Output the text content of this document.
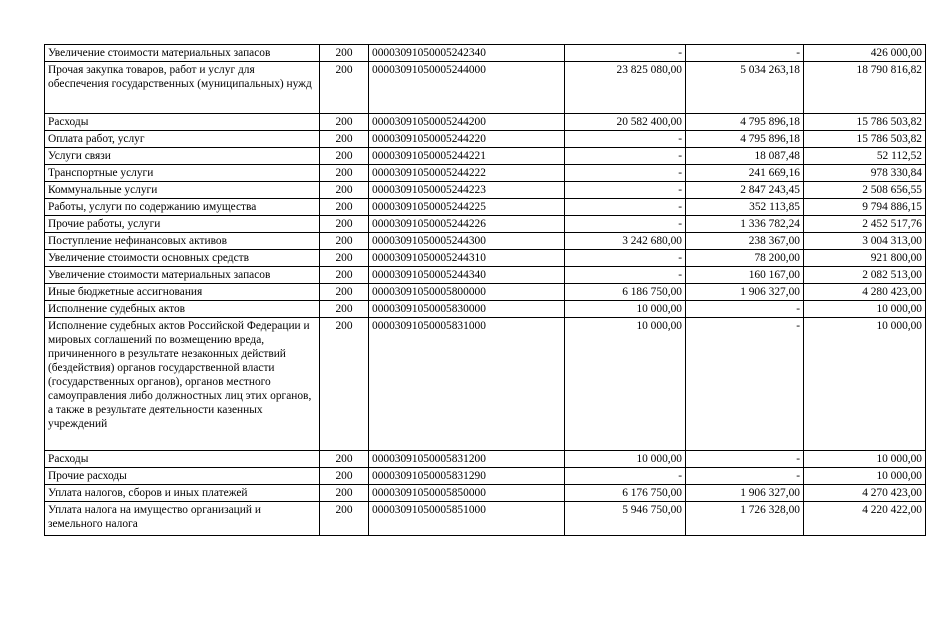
Увеличение стоимости материальных запасов	200	00003091050005242340	-	-	426 000,00
Прочая закупка товаров, работ и услуг для обеспечения государственных (муниципальных) нужд	200	00003091050005244000	23 825 080,00	5 034 263,18	18 790 816,82
Расходы	200	00003091050005244200	20 582 400,00	4 795 896,18	15 786 503,82
Оплата работ, услуг	200	00003091050005244220	-	4 795 896,18	15 786 503,82
Услуги связи	200	00003091050005244221	-	18 087,48	52 112,52
Транспортные услуги	200	00003091050005244222	-	241 669,16	978 330,84
Коммунальные услуги	200	00003091050005244223	-	2 847 243,45	2 508 656,55
Работы, услуги по содержанию имущества	200	00003091050005244225	-	352 113,85	9 794 886,15
Прочие работы, услуги	200	00003091050005244226	-	1 336 782,24	2 452 517,76
Поступление нефинансовых активов	200	00003091050005244300	3 242 680,00	238 367,00	3 004 313,00
Увеличение стоимости основных средств	200	00003091050005244310	-	78 200,00	921 800,00
Увеличение стоимости материальных запасов	200	00003091050005244340	-	160 167,00	2 082 513,00
Иные бюджетные ассигнования	200	00003091050005800000	6 186 750,00	1 906 327,00	4 280 423,00
Исполнение судебных актов	200	00003091050005830000	10 000,00	-	10 000,00
Исполнение судебных актов Российской Федерации и мировых соглашений по возмещению вреда, причиненного в результате незаконных действий (бездействия) органов государственной власти (государственных органов), органов местного самоуправления либо должностных лиц этих органов, а также в результате деятельности казенных учреждений	200	00003091050005831000	10 000,00	-	10 000,00
Расходы	200	00003091050005831200	10 000,00	-	10 000,00
Прочие расходы	200	00003091050005831290	-	-	10 000,00
Уплата налогов, сборов и иных платежей	200	00003091050005850000	6 176 750,00	1 906 327,00	4 270 423,00
Уплата налога на имущество организаций и земельного налога	200	00003091050005851000	5 946 750,00	1 726 328,00	4 220 422,00
